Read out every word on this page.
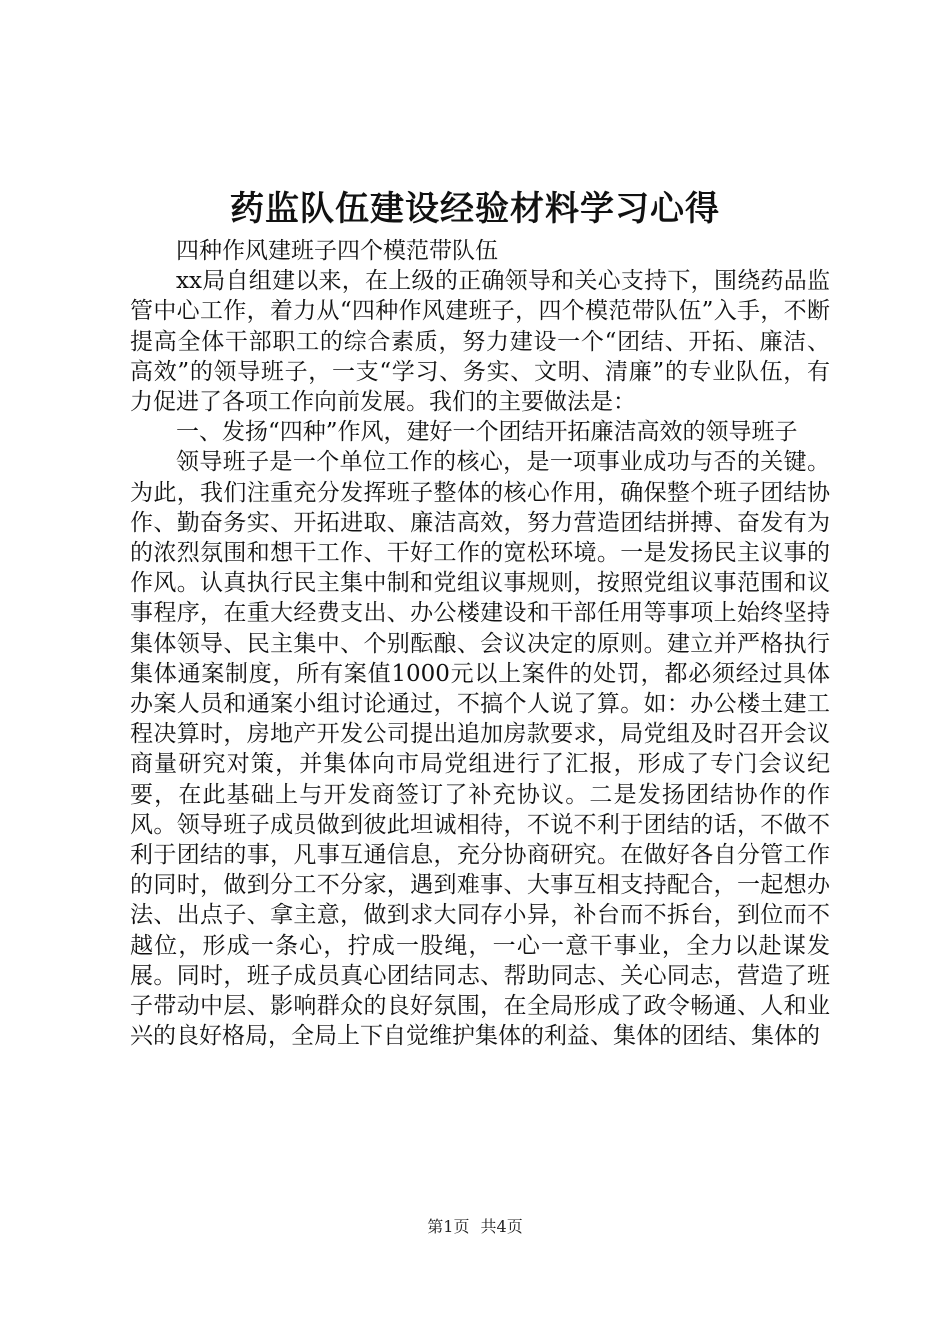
药监队伍建设经验材料学习心得

四种作风建班子四个模范带队伍

xx局自组建以来，在上级的正确领导和关心支持下，围绕药品监管中心工作，着力从“四种作风建班子，四个模范带队伍”入手，不断提高全体干部职工的综合素质，努力建设一个“团结、开拓、廉洁、高效”的领导班子，一支“学习、务实、文明、清廉”的专业队伍，有力促进了各项工作向前发展。我们的主要做法是：

一、发扬“四种”作风，建好一个团结开拓廉洁高效的领导班子

领导班子是一个单位工作的核心，是一项事业成功与否的关键。为此，我们注重充分发挥班子整体的核心作用，确保整个班子团结协作、勤奋务实、开拓进取、廉洁高效，努力营造团结拼搏、奋发有为的浓烈氛围和想干工作、干好工作的宽松环境。一是发扬民主议事的作风。认真执行民主集中制和党组议事规则，按照党组议事范围和议事程序，在重大经费支出、办公楼建设和干部任用等事项上始终坚持集体领导、民主集中、个别酝酿、会议决定的原则。建立并严格执行集体通案制度，所有案值1000元以上案件的处罚，都必须经过具体办案人员和通案小组讨论通过，不搞个人说了算。如：办公楼土建工程决算时，房地产开发公司提出追加房款要求，局党组及时召开会议商量研究对策，并集体向市局党组进行了汇报，形成了专门会议纪要，在此基础上与开发商签订了补充协议。二是发扬团结协作的作风。领导班子成员做到彼此坦诚相待，不说不利于团结的话，不做不利于团结的事，凡事互通信息，充分协商研究。在做好各自分管工作的同时，做到分工不分家，遇到难事、大事互相支持配合，一起想办法、出点子、拿主意，做到求大同存小异，补台而不拆台，到位而不越位，形成一条心，拧成一股绳，一心一意干事业，全力以赴谋发展。同时，班子成员真心团结同志、帮助同志、关心同志，营造了班子带动中层、影响群众的良好氛围，在全局形成了政令畅通、人和业兴的良好格局，全局上下自觉维护集体的利益、集体的团结、集体的

第1页 共4页
